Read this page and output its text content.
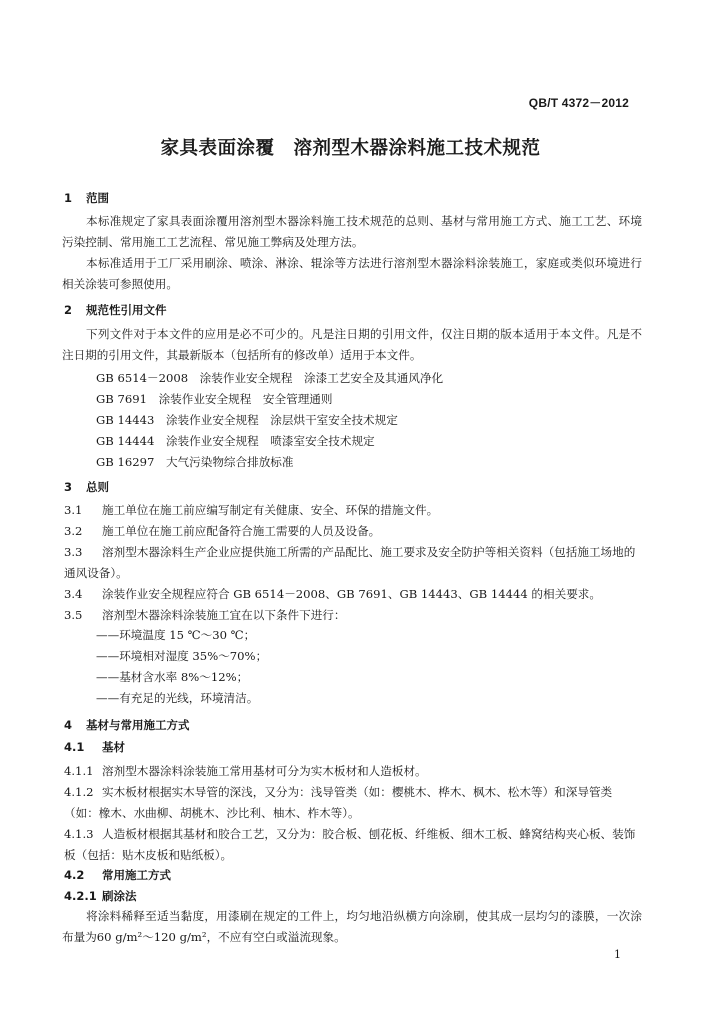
QB/T 4372－2012
家具表面涂覆　溶剂型木器涂料施工技术规范
1 范围

本标准规定了家具表面涂覆用溶剂型木器涂料施工技术规范的总则、基材与常用施工方式、施工工艺、环境污染控制、常用施工工艺流程、常见施工弊病及处理方法。

本标准适用于工厂采用刷涂、喷涂、淋涂、辊涂等方法进行溶剂型木器涂料涂装施工，家庭或类似环境进行相关涂装可参照使用。

2 规范性引用文件

下列文件对于本文件的应用是必不可少的。凡是注日期的引用文件，仅注日期的版本适用于本文件。凡是不注日期的引用文件，其最新版本（包括所有的修改单）适用于本文件。

GB 6514－2008　涂装作业安全规程　涂漆工艺安全及其通风净化
GB 7691　涂装作业安全规程　安全管理通则
GB 14443　涂装作业安全规程　涂层烘干室安全技术规定
GB 14444　涂装作业安全规程　喷漆室安全技术规定
GB 16297　大气污染物综合排放标准
3 总则

3.1 施工单位在施工前应编写制定有关健康、安全、环保的措施文件。

3.2 施工单位在施工前应配备符合施工需要的人员及设备。

3.3 溶剂型木器涂料生产企业应提供施工所需的产品配比、施工要求及安全防护等相关资料（包括施工场地的通风设备）。

3.4 涂装作业安全规程应符合 GB 6514－2008、GB 7691、GB 14443、GB 14444 的相关要求。

3.5 溶剂型木器涂料涂装施工宜在以下条件下进行：

——环境温度 15 ℃～30 ℃；
——环境相对湿度 35%～70%；
——基材含水率 8%～12%；
——有充足的光线，环境清洁。
4 基材与常用施工方式
4.1 基材

4.1.1 溶剂型木器涂料涂装施工常用基材可分为实木板材和人造板材。

4.1.2 实木板材根据实木导管的深浅，又分为：浅导管类（如：樱桃木、桦木、枫木、松木等）和深导管类（如：橡木、水曲柳、胡桃木、沙比利、柚木、柞木等）。

4.1.3 人造板材根据其基材和胶合工艺，又分为：胶合板、刨花板、纤维板、细木工板、蜂窝结构夹心板、装饰板（包括：贴木皮板和贴纸板）。

4.2 常用施工方式
4.2.1 刷涂法

将涂料稀释至适当黏度，用漆刷在规定的工件上，均匀地沿纵横方向涂刷，使其成一层均匀的漆膜，一次涂布量为60 g/m²～120 g/m²，不应有空白或溢流现象。

1
